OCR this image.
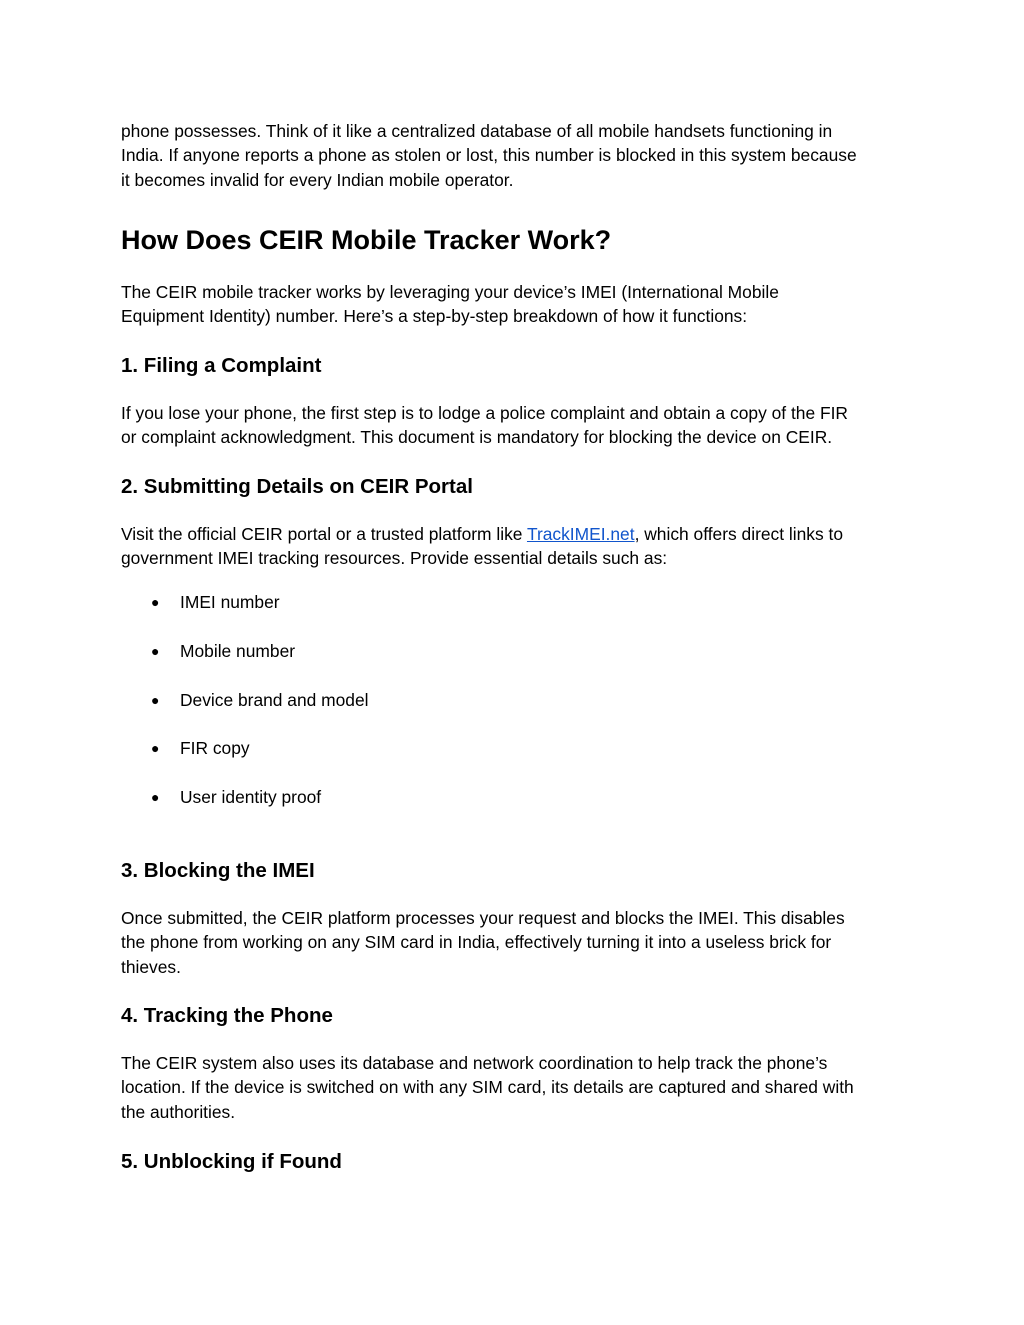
phone possesses. Think of it like a centralized database of all mobile handsets functioning in
India. If anyone reports a phone as stolen or lost, this number is blocked in this system because
it becomes invalid for every Indian mobile operator.
How Does CEIR Mobile Tracker Work?
The CEIR mobile tracker works by leveraging your device’s IMEI (International Mobile
Equipment Identity) number. Here’s a step-by-step breakdown of how it functions:
1. Filing a Complaint
If you lose your phone, the first step is to lodge a police complaint and obtain a copy of the FIR
or complaint acknowledgment. This document is mandatory for blocking the device on CEIR.
2. Submitting Details on CEIR Portal
Visit the official CEIR portal or a trusted platform like TrackIMEI.net, which offers direct links to
government IMEI tracking resources. Provide essential details such as:
● IMEI number
● Mobile number
● Device brand and model
● FIR copy
● User identity proof
3. Blocking the IMEI
Once submitted, the CEIR platform processes your request and blocks the IMEI. This disables
the phone from working on any SIM card in India, effectively turning it into a useless brick for
thieves.
4. Tracking the Phone
The CEIR system also uses its database and network coordination to help track the phone’s
location. If the device is switched on with any SIM card, its details are captured and shared with
the authorities.
5. Unblocking if Found
